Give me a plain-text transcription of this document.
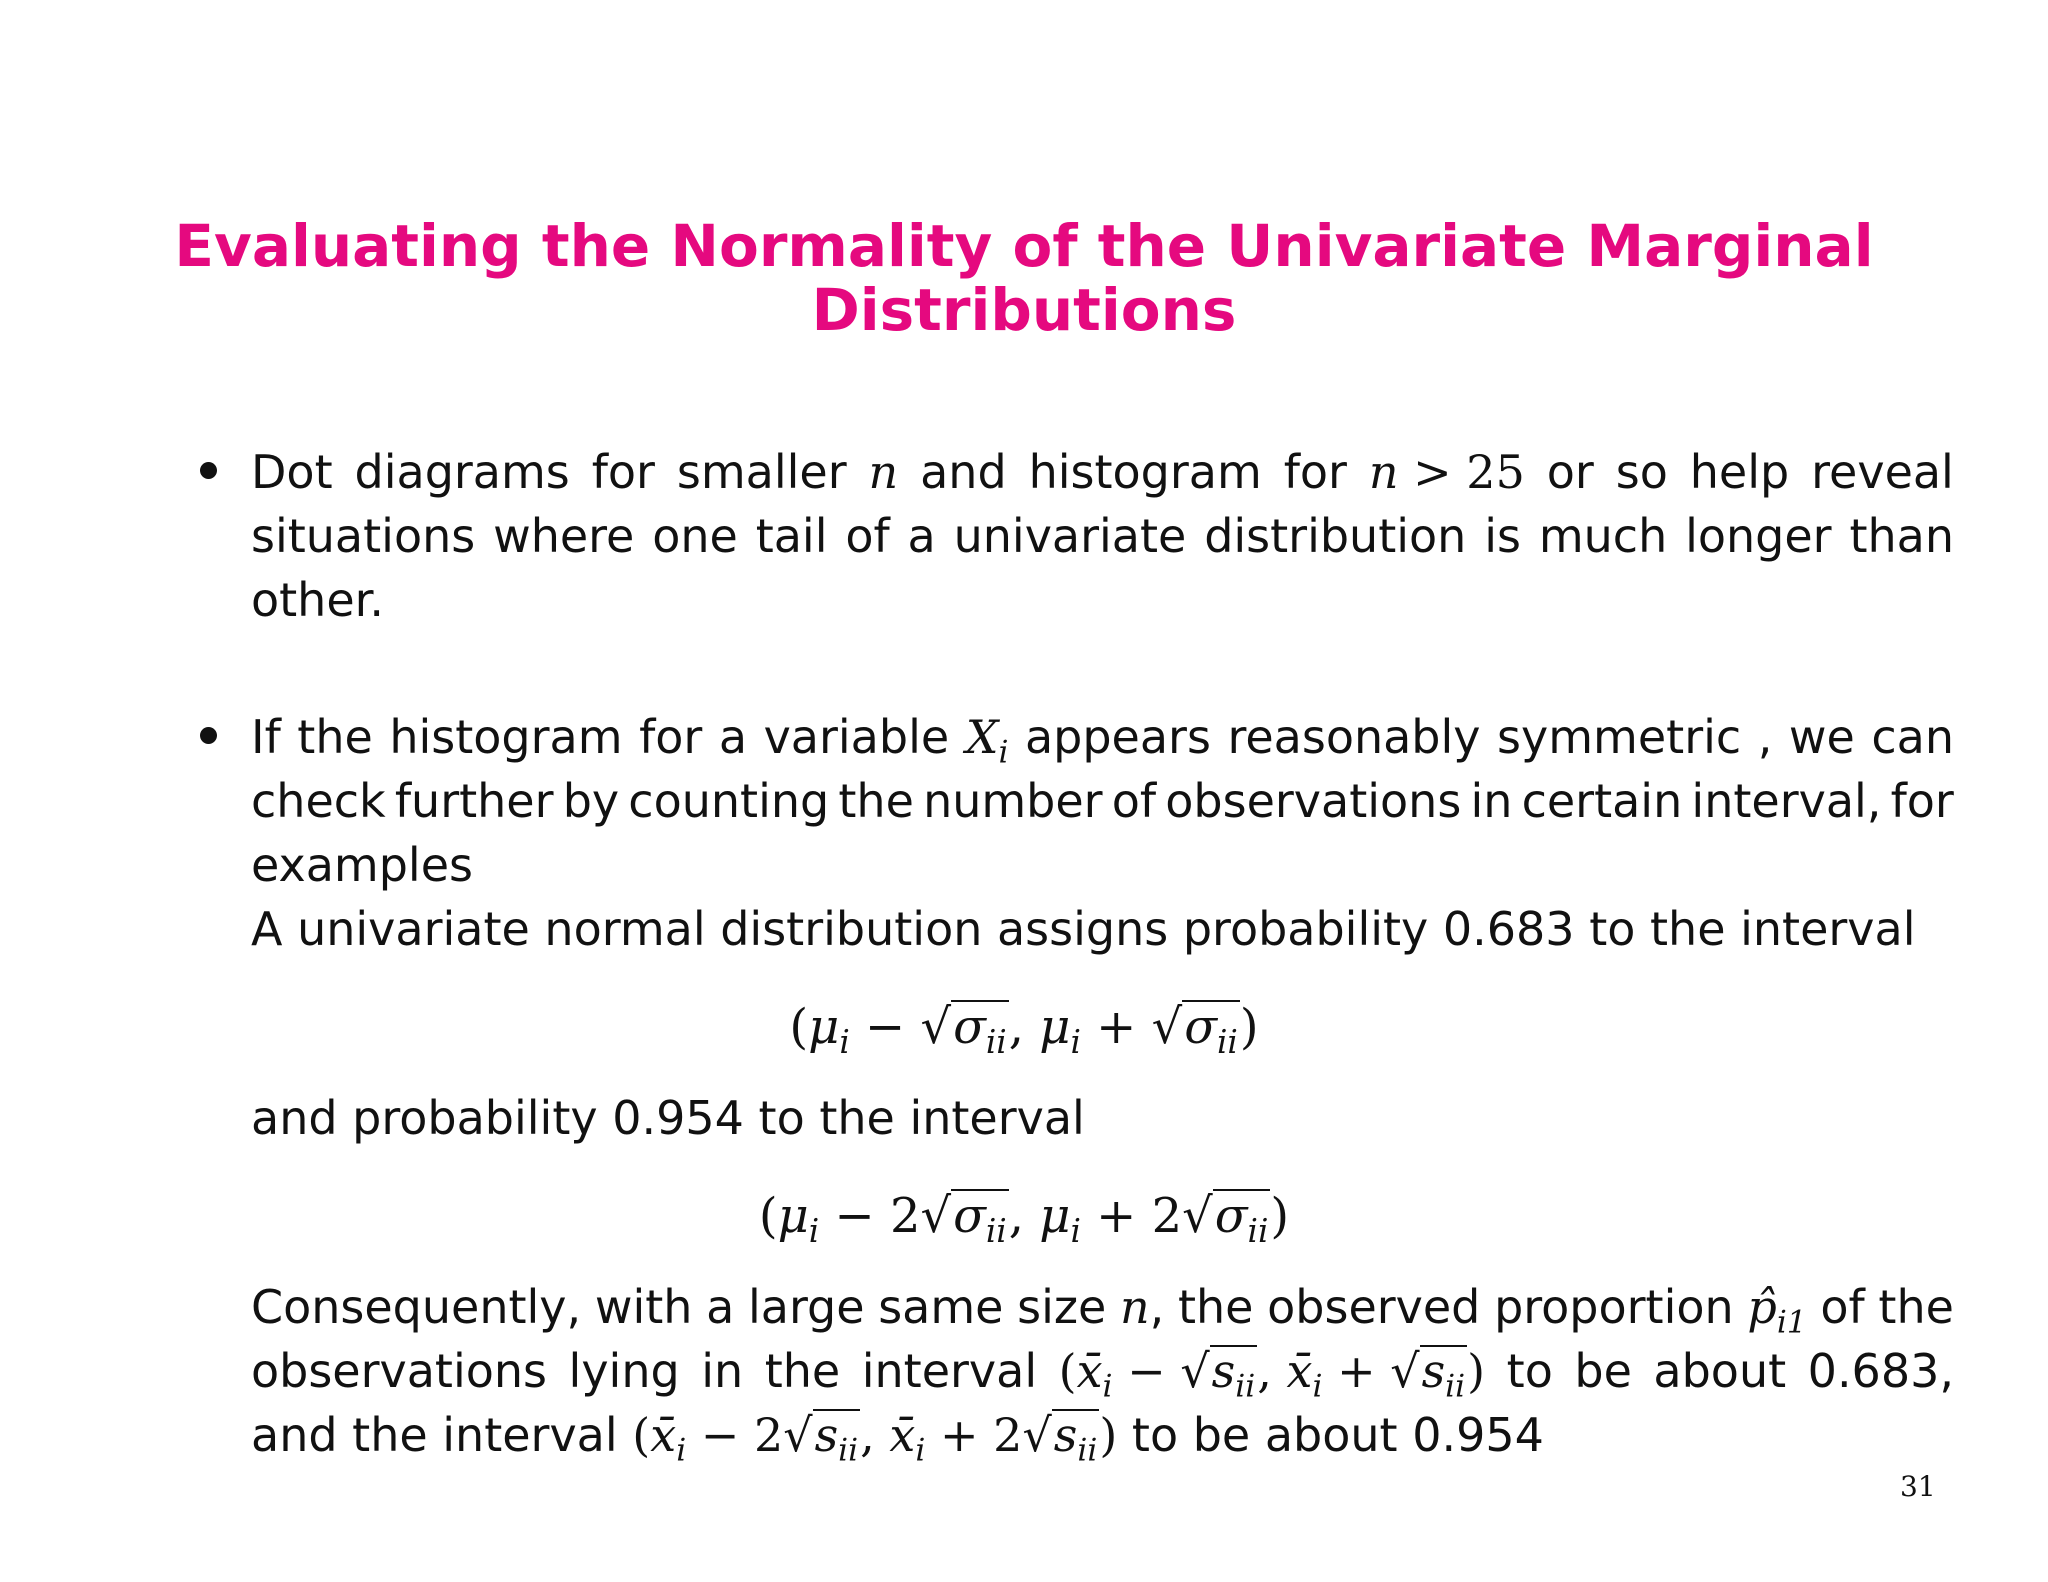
Evaluating the Normality of the Univariate Marginal
Distributions
Dot diagrams for smaller n and histogram for n > 25 or so help reveal
situations where one tail of a univariate distribution is much longer than
other.
If the histogram for a variable $X_i$ appears reasonably symmetric , we can
check further by counting the number of observations in certain interval, for
examples
A univariate normal distribution assigns probability 0.683 to the interval
($\mu_i - √\sigma_{ii}$, $\mu_i + √\sigma_{ii}$)
and probability 0.954 to the interval
($\mu_i - 2√\sigma_{ii}$, $\mu_i + 2√\sigma_{ii}$)
Consequently, with a large same size n, the observed proportion $p̂_{i1}$ of the
observations lying in the interval ($x̄_i - √s_{ii}$, $x̄_i + √s_{ii}$) to be about 0.683,
and the interval ($x̄_i - 2√s_{ii}$, $x̄_i + 2√s_{ii}$) to be about 0.954
31
